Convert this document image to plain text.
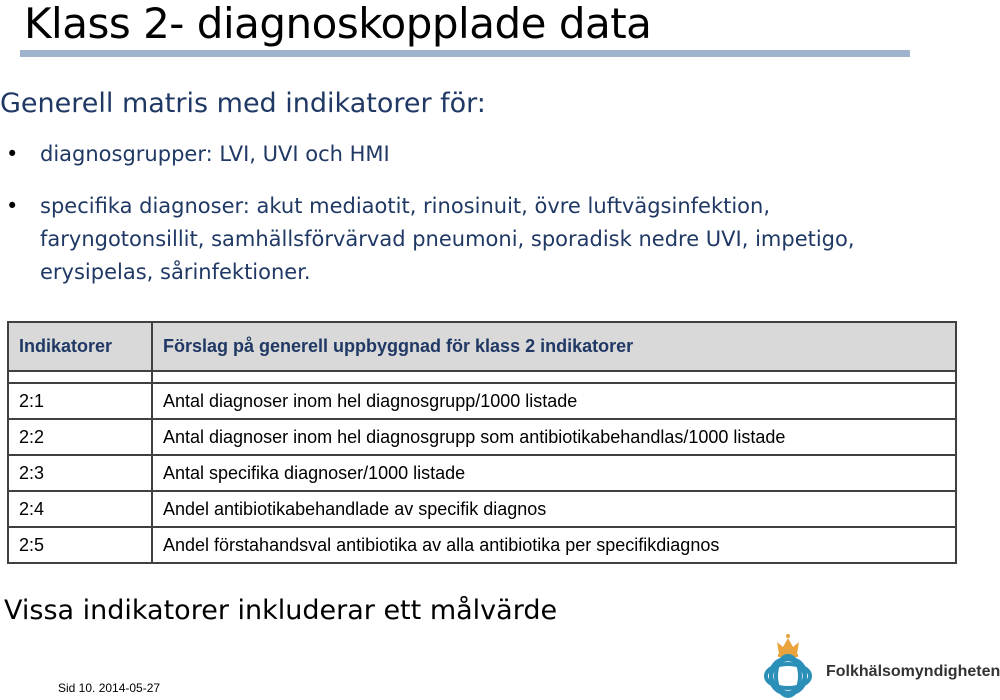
Klass 2- diagnoskopplade data
Generell matris med indikatorer för:
•	diagnosgrupper: LVI, UVI och HMI
•	specifika diagnoser: akut mediaotit, rinosinuit, övre luftvägsinfektion, faryngotonsillit, samhällsförvärvad pneumoni, sporadisk nedre UVI, impetigo, erysipelas, sårinfektioner.
Indikatorer	Förslag på generell uppbyggnad för klass 2 indikatorer

2:1	Antal diagnoser inom hel diagnosgrupp/1000 listade
2:2	Antal diagnoser inom hel diagnosgrupp som antibiotikabehandlas/1000 listade
2:3	Antal specifika diagnoser/1000 listade
2:4	Andel antibiotikabehandlade av specifik diagnos
2:5	Andel förstahandsval antibiotika av alla antibiotika per specifikdiagnos
Vissa indikatorer inkluderar ett målvärde
Sid 10. 2014-05-27
Folkhälsomyndigheten
